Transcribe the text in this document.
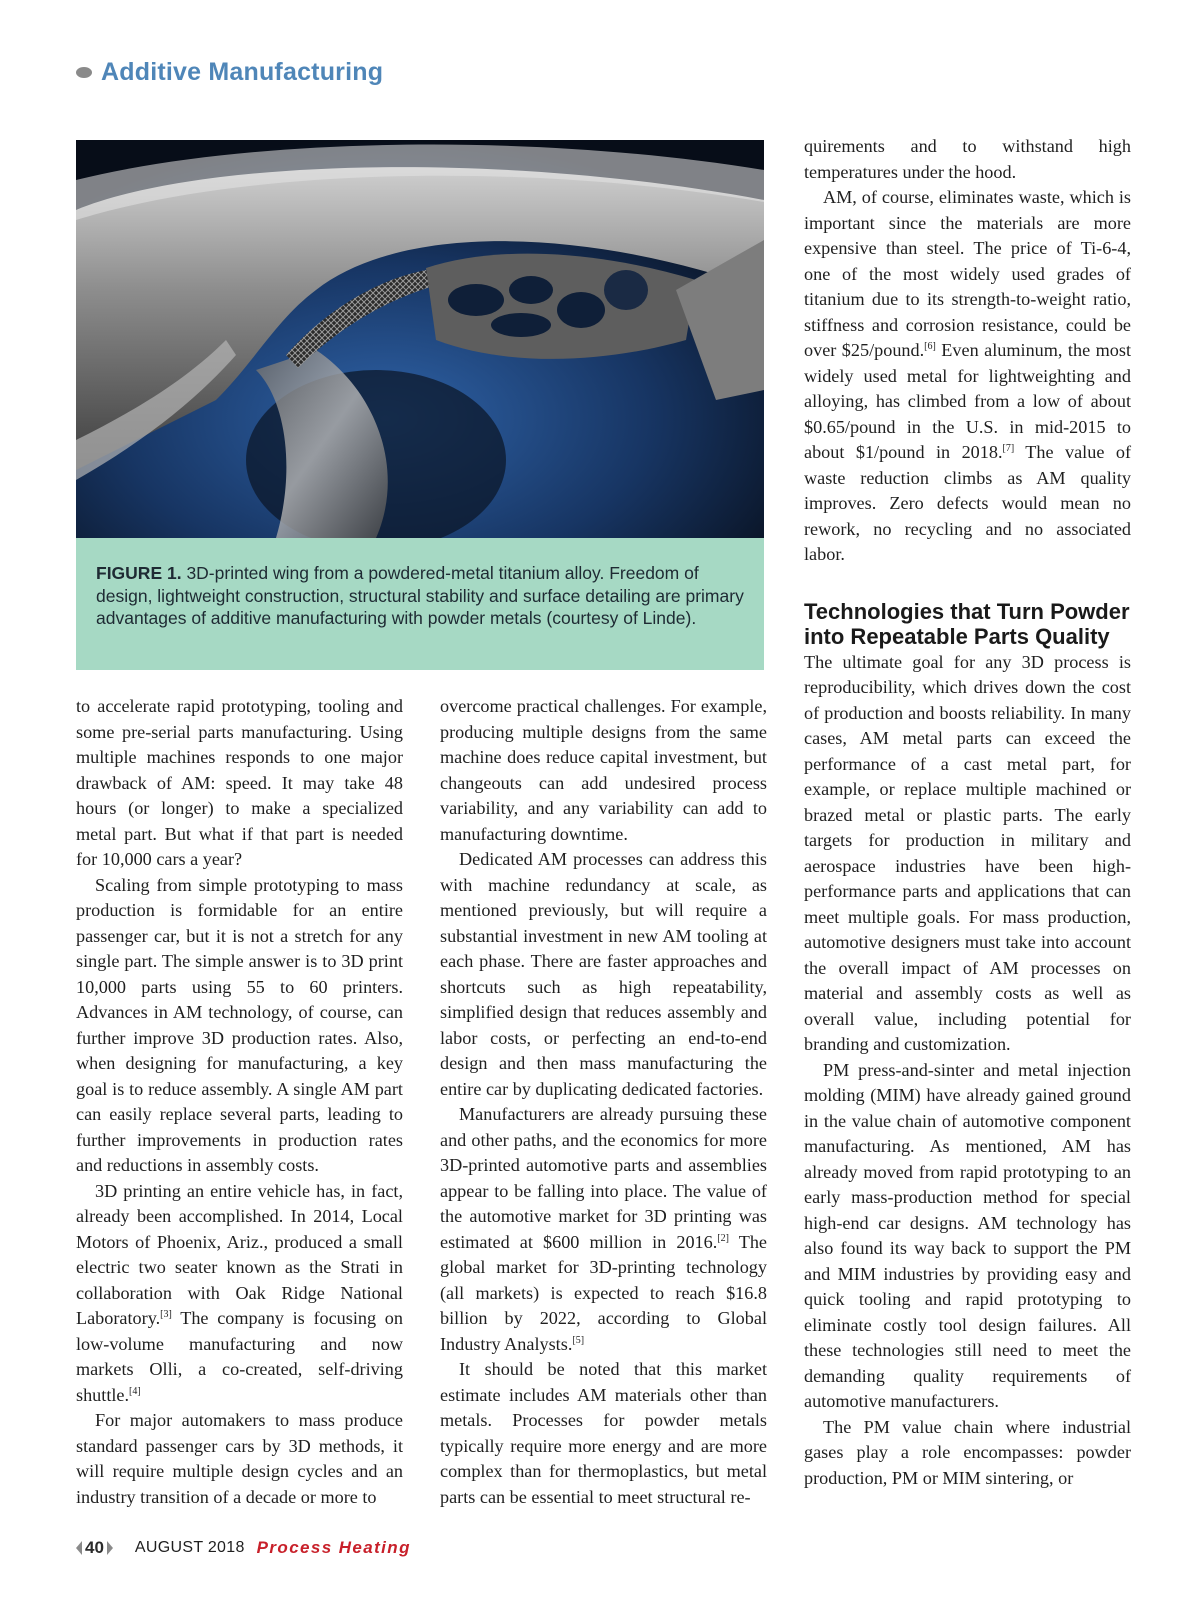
Additive Manufacturing
FIGURE 1. 3D-printed wing from a powdered-metal titanium alloy. Freedom of design, lightweight construction, structural stability and surface detailing are primary advantages of additive manufacturing with powder metals (courtesy of Linde).

to accelerate rapid prototyping, tooling and some pre-serial parts manufacturing. Using multiple machines responds to one major drawback of AM: speed. It may take 48 hours (or longer) to make a specialized metal part. But what if that part is needed for 10,000 cars a year?

Scaling from simple prototyping to mass production is formidable for an entire passenger car, but it is not a stretch for any single part. The simple answer is to 3D print 10,000 parts using 55 to 60 printers. Advances in AM technology, of course, can further improve 3D production rates. Also, when designing for manufacturing, a key goal is to reduce assembly. A single AM part can easily replace several parts, leading to further improvements in production rates and reductions in assembly costs.

3D printing an entire vehicle has, in fact, already been accomplished. In 2014, Local Motors of Phoenix, Ariz., produced a small electric two seater known as the Strati in collaboration with Oak Ridge National Laboratory.[3] The company is focusing on low-volume manufacturing and now markets Olli, a co-created, self-driving shuttle.[4]

For major automakers to mass produce standard passenger cars by 3D methods, it will require multiple design cycles and an industry transition of a decade or more to

overcome practical challenges. For example, producing multiple designs from the same machine does reduce capital investment, but changeouts can add undesired process variability, and any variability can add to manufacturing downtime.

Dedicated AM processes can address this with machine redundancy at scale, as mentioned previously, but will require a substantial investment in new AM tooling at each phase. There are faster approaches and shortcuts such as high repeatability, simplified design that reduces assembly and labor costs, or perfecting an end-to-end design and then mass manufacturing the entire car by duplicating dedicated factories.

Manufacturers are already pursuing these and other paths, and the economics for more 3D-printed automotive parts and assemblies appear to be falling into place. The value of the automotive market for 3D printing was estimated at $600 million in 2016.[2] The global market for 3D-printing technology (all markets) is expected to reach $16.8 billion by 2022, according to Global Industry Analysts.[5]

It should be noted that this market estimate includes AM materials other than metals. Processes for powder metals typically require more energy and are more complex than for thermoplastics, but metal parts can be essential to meet structural re-

quirements and to withstand high temperatures under the hood.

AM, of course, eliminates waste, which is important since the materials are more expensive than steel. The price of Ti-6-4, one of the most widely used grades of titanium due to its strength-to-weight ratio, stiffness and corrosion resistance, could be over $25/pound.[6] Even aluminum, the most widely used metal for lightweighting and alloying, has climbed from a low of about $0.65/pound in the U.S. in mid-2015 to about $1/pound in 2018.[7] The value of waste reduction climbs as AM quality improves. Zero defects would mean no rework, no recycling and no associated labor.

Technologies that Turn Powder into Repeatable Parts Quality

The ultimate goal for any 3D process is reproducibility, which drives down the cost of production and boosts reliability. In many cases, AM metal parts can exceed the performance of a cast metal part, for example, or replace multiple machined or brazed metal or plastic parts. The early targets for production in military and aerospace industries have been high-performance parts and applications that can meet multiple goals. For mass production, automotive designers must take into account the overall impact of AM processes on material and assembly costs as well as overall value, including potential for branding and customization.

PM press-and-sinter and metal injection molding (MIM) have already gained ground in the value chain of automotive component manufacturing. As mentioned, AM has already moved from rapid prototyping to an early mass-production method for special high-end car designs. AM technology has also found its way back to support the PM and MIM industries by providing easy and quick tooling and rapid prototyping to eliminate costly tool design failures. All these technologies still need to meet the demanding quality requirements of automotive manufacturers.

The PM value chain where industrial gases play a role encompasses: powder production, PM or MIM sintering, or

40 AUGUST 2018 Process Heating
